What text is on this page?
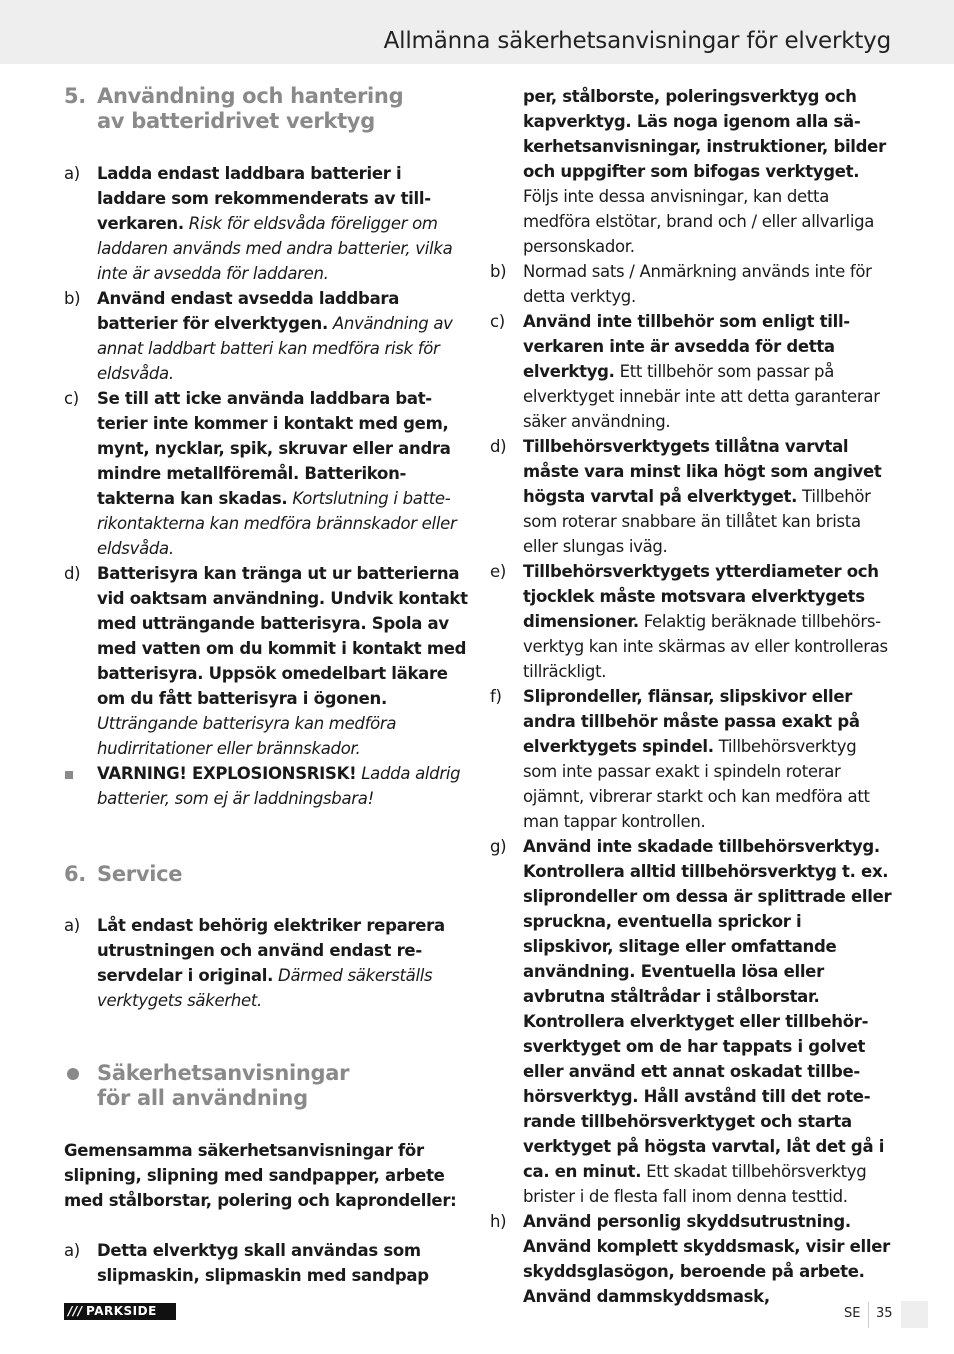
Allmänna säkerhetsanvisningar för elverktyg
5. Användning och hantering
av batteridrivet verktyg
a) Ladda endast laddbara batterier i laddare som rekommenderats av tillverkaren. Risk för eldsvåda föreligger om laddaren används med andra batterier, vilka inte är avsedda för laddaren.
b) Använd endast avsedda laddbara batterier för elverktygen. Användning av annat laddbart batteri kan medföra risk för eldsvåda.
c) Se till att icke använda laddbara batterier inte kommer i kontakt med gem, mynt, nycklar, spik, skruvar eller andra mindre metallföremål. Batterikontakterna kan skadas. Kortslutning i batterikontakterna kan medföra brännskador eller eldsvåda.
d) Batterisyra kan tränga ut ur batterierna vid oaktsam användning. Undvik kontakt med utträngande batterisyra. Spola av med vatten om du kommit i kontakt med batterisyra. Uppsök omedelbart läkare om du fått batterisyra i ögonen. Utträngande batterisyra kan medföra hudirritationer eller brännskador.
VARNING! EXPLOSIONSRISK! Ladda aldrig batterier, som ej är laddningsbara!
6. Service
a) Låt endast behörig elektriker reparera utrustningen och använd endast reservdelar i original. Därmed säkerställs verktygets säkerhet.
Säkerhetsanvisningar
för all användning
Gemensamma säkerhetsanvisningar för slipning, slipning med sandpapper, arbete med stålborstar, polering och kaprondeller:
a) Detta elverktyg skall användas som slipmaskin, slipmaskin med sandpap
per, stålborste, poleringsverktyg och kapverktyg. Läs noga igenom alla säkerhetsanvisningar, instruktioner, bilder och uppgifter som bifogas verktyget. Följs inte dessa anvisningar, kan detta medföra elstötar, brand och / eller allvarliga personskador.
b) Normad sats / Anmärkning används inte för detta verktyg.
c) Använd inte tillbehör som enligt tillverkaren inte är avsedda för detta elverktyg. Ett tillbehör som passar på elverktyget innebär inte att detta garanterar säker användning.
d) Tillbehörsverktygets tillåtna varvtal måste vara minst lika högt som angivet högsta varvtal på elverktyget. Tillbehör som roterar snabbare än tillåtet kan brista eller slungas iväg.
e) Tillbehörsverktygets ytterdiameter och tjocklek måste motsvara elverktygets dimensioner. Felaktig beräknade tillbehörsverktyg kan inte skärmas av eller kontrolleras tillräckligt.
f) Sliprondeller, flänsar, slipskivor eller andra tillbehör måste passa exakt på elverktygets spindel. Tillbehörsverktyg som inte passar exakt i spindeln roterar ojämnt, vibrerar starkt och kan medföra att man tappar kontrollen.
g) Använd inte skadade tillbehörsverktyg. Kontrollera alltid tillbehörsverktyg t. ex. sliprondeller om dessa är splittrade eller spruckna, eventuella sprickor i slipskivor, slitage eller omfattande användning. Eventuella lösa eller avbrutna ståltrådar i stålborstar. Kontrollera elverktyget eller tillbehörsverktyget om de har tappats i golvet eller använd ett annat oskadat tillbehörsverktyg. Håll avstånd till det roterande tillbehörsverktyget och starta verktyget på högsta varvtal, låt det gå i ca. en minut. Ett skadat tillbehörsverktyg brister i de flesta fall inom denna testtid.
h) Använd personlig skyddsutrustning. Använd komplett skyddsmask, visir eller skyddsglasögon, beroende på arbete. Använd dammskyddsmask,
/// PARKSIDE	SE 35
